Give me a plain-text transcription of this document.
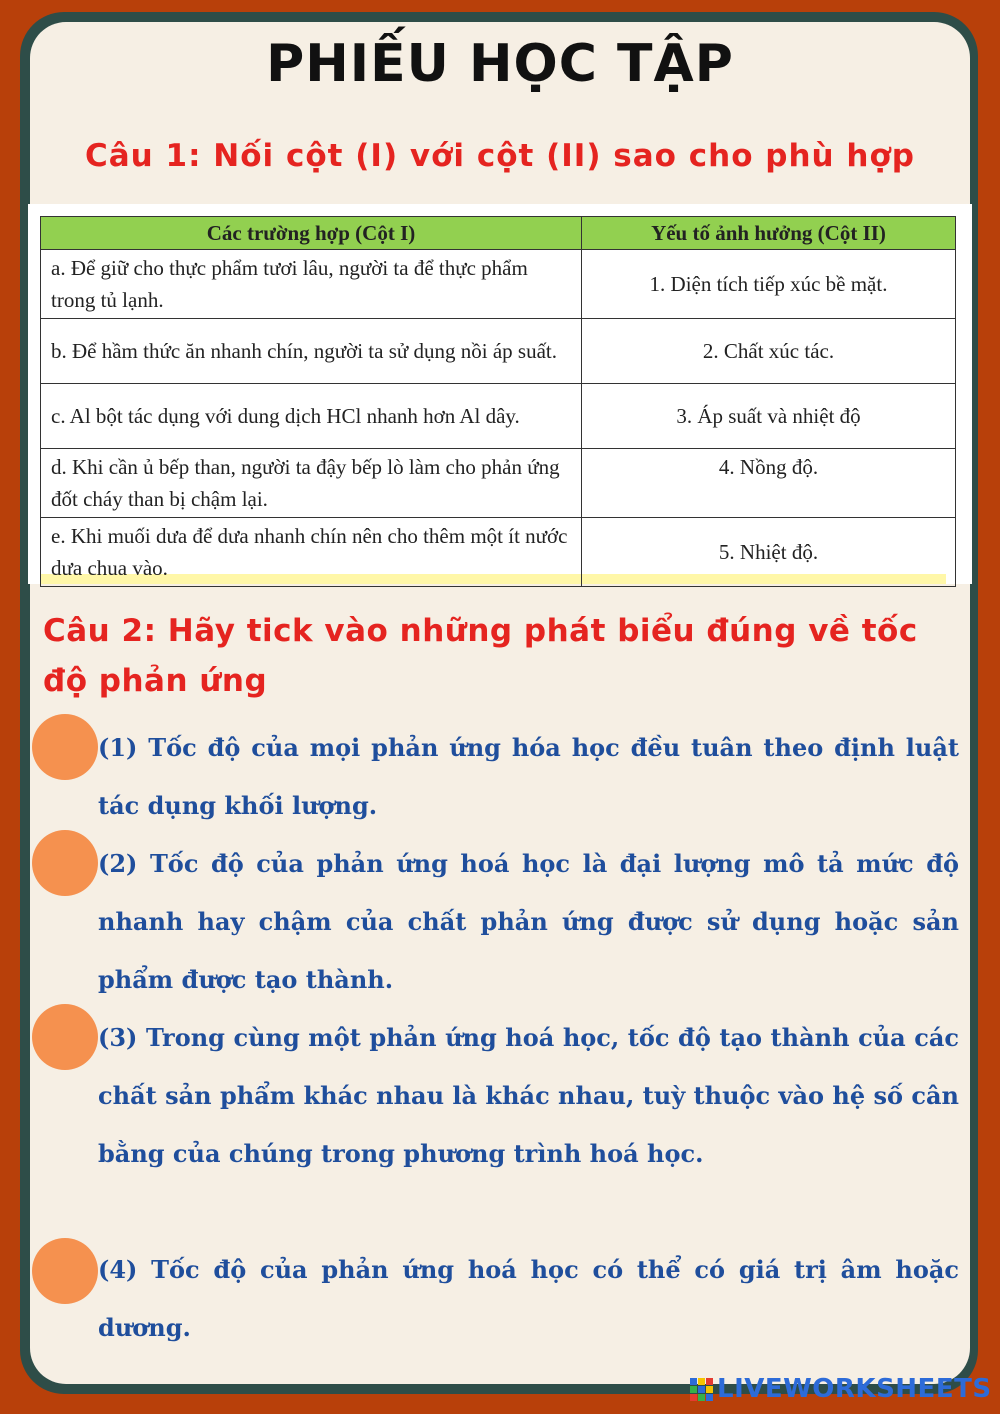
PHIẾU HỌC TẬP
Câu 1: Nối cột (I) với cột (II) sao cho phù hợp
Các trường hợp (Cột I)	Yếu tố ảnh hưởng (Cột II)
a. Để giữ cho thực phẩm tươi lâu, người ta để thực phẩm trong tủ lạnh.	1. Diện tích tiếp xúc bề mặt.
b. Để hầm thức ăn nhanh chín, người ta sử dụng nồi áp suất.	2. Chất xúc tác.
c. Al bột tác dụng với dung dịch HCl nhanh hơn Al dây.	3. Áp suất và nhiệt độ
d. Khi cần ủ bếp than, người ta đậy bếp lò làm cho phản ứng đốt cháy than bị chậm lại.	4. Nồng độ.
e. Khi muối dưa để dưa nhanh chín nên cho thêm một ít nước dưa chua vào.	5. Nhiệt độ.
Câu 2: Hãy tick vào những phát biểu đúng về tốc độ phản ứng
(1) Tốc độ của mọi phản ứng hóa học đều tuân theo định luật tác dụng khối lượng.
(2) Tốc độ của phản ứng hoá học là đại lượng mô tả mức độ nhanh hay chậm của chất phản ứng được sử dụng hoặc sản phẩm được tạo thành.
(3) Trong cùng một phản ứng hoá học, tốc độ tạo thành của các chất sản phẩm khác nhau là khác nhau, tuỳ thuộc vào hệ số cân bằng của chúng trong phương trình hoá học.
(4) Tốc độ của phản ứng hoá học có thể có giá trị âm hoặc dương.
LIVEWORKSHEETS
